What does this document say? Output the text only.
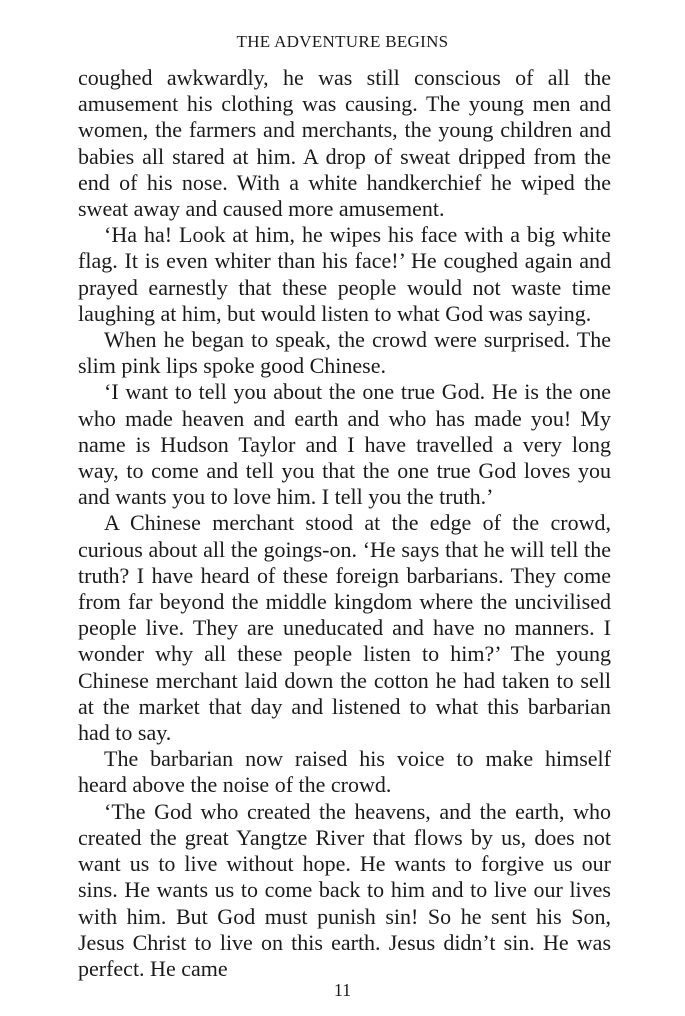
THE ADVENTURE BEGINS

coughed awkwardly, he was still conscious of all the amusement his clothing was causing. The young men and women, the farmers and merchants, the young children and babies all stared at him. A drop of sweat dripped from the end of his nose. With a white handkerchief he wiped the sweat away and caused more amusement.

‘Ha ha! Look at him, he wipes his face with a big white flag. It is even whiter than his face!’ He coughed again and prayed earnestly that these people would not waste time laughing at him, but would listen to what God was saying.

When he began to speak, the crowd were surprised. The slim pink lips spoke good Chinese.

‘I want to tell you about the one true God. He is the one who made heaven and earth and who has made you! My name is Hudson Taylor and I have travelled a very long way, to come and tell you that the one true God loves you and wants you to love him. I tell you the truth.’

A Chinese merchant stood at the edge of the crowd, curious about all the goings-on. ‘He says that he will tell the truth? I have heard of these foreign barbarians. They come from far beyond the middle kingdom where the uncivilised people live. They are uneducated and have no manners. I wonder why all these people listen to him?’ The young Chinese merchant laid down the cotton he had taken to sell at the market that day and listened to what this barbarian had to say.

The barbarian now raised his voice to make himself heard above the noise of the crowd.

‘The God who created the heavens, and the earth, who created the great Yangtze River that flows by us, does not want us to live without hope. He wants to forgive us our sins. He wants us to come back to him and to live our lives with him. But God must punish sin! So he sent his Son, Jesus Christ to live on this earth. Jesus didn’t sin. He was perfect. He came

11
